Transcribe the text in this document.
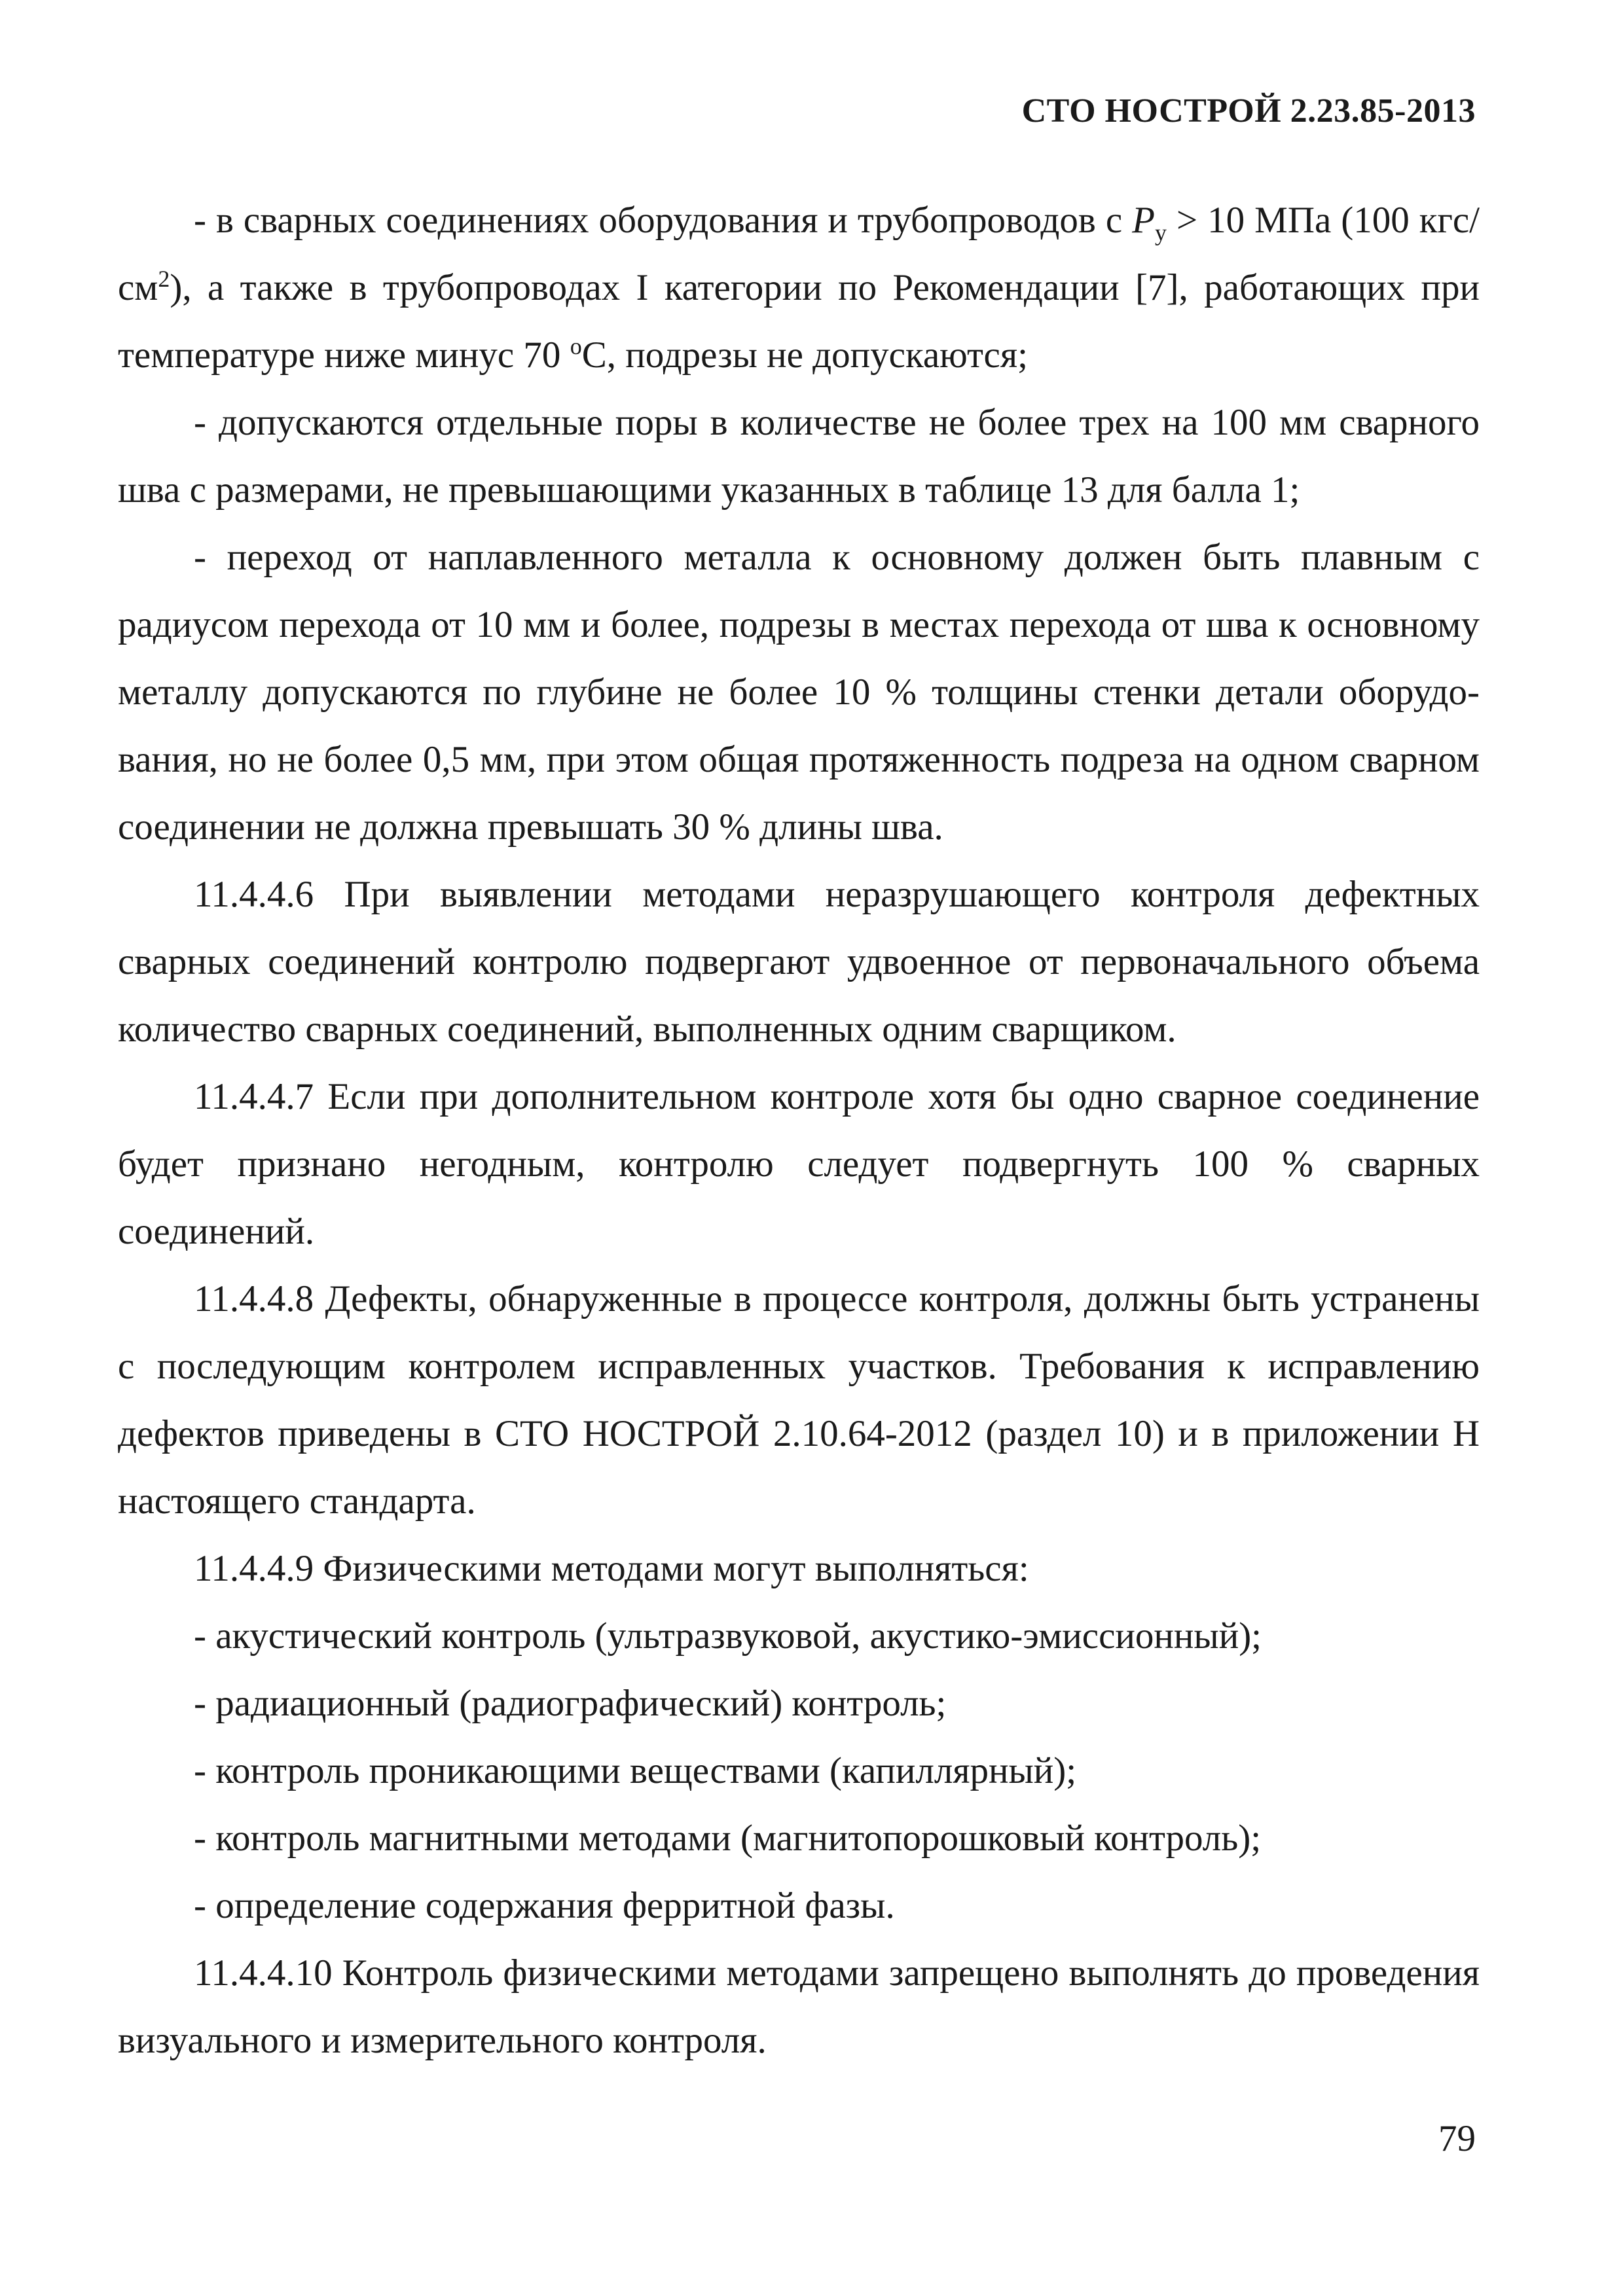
СТО НОСТРОЙ 2.23.85-2013

- в сварных соединениях оборудования и трубопроводов с $P_y > 10$ МПа (100 кгс/$см^2$), а также в трубопроводах I категории по Рекомендации [7], работающих при температуре ниже минус 70 $^o$С, подрезы не допускаются;

- допускаются отдельные поры в количестве не более трех на 100 мм сварного шва с размерами, не превышающими указанных в таблице 13 для балла 1;

- переход от наплавленного металла к основному должен быть плавным с радиусом перехода от 10 мм и более, подрезы в местах перехода от шва к основному металлу допускаются по глубине не более 10 % толщины стенки детали оборудования, но не более 0,5 мм, при этом общая протяженность подреза на одном сварном соединении не должна превышать 30 % длины шва.

11.4.4.6 При выявлении методами неразрушающего контроля дефектных сварных соединений контролю подвергают удвоенное от первоначального объема количество сварных соединений, выполненных одним сварщиком.

11.4.4.7 Если при дополнительном контроле хотя бы одно сварное соединение будет признано негодным, контролю следует подвергнуть 100 % сварных соединений.

11.4.4.8 Дефекты, обнаруженные в процессе контроля, должны быть устранены с последующим контролем исправленных участков. Требования к исправлению дефектов приведены в СТО НОСТРОЙ 2.10.64-2012 (раздел 10) и в приложении Н настоящего стандарта.

11.4.4.9 Физическими методами могут выполняться:

- акустический контроль (ультразвуковой, акустико-эмиссионный);

- радиационный (радиографический) контроль;

- контроль проникающими веществами (капиллярный);

- контроль магнитными методами (магнитопорошковый контроль);

- определение содержания ферритной фазы.

11.4.4.10 Контроль физическими методами запрещено выполнять до проведения визуального и измерительного контроля.

79
